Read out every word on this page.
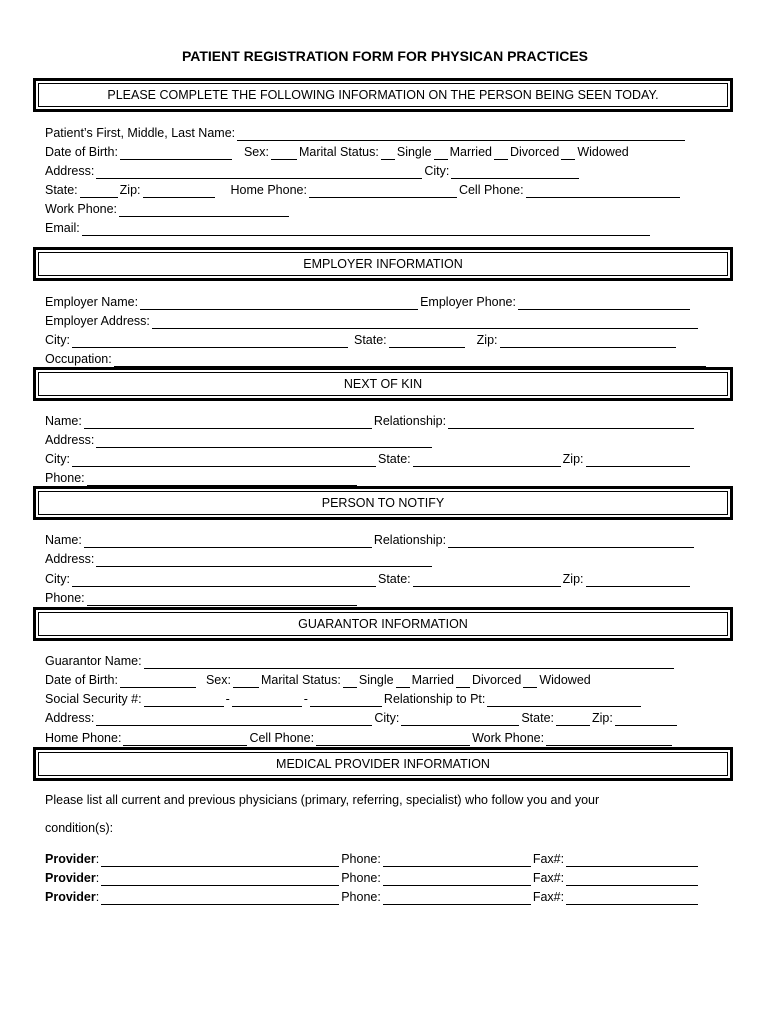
PATIENT REGISTRATION FORM FOR PHYSICAN PRACTICES
PLEASE COMPLETE THE FOLLOWING INFORMATION ON THE PERSON BEING SEEN TODAY.
Patient’s First, Middle, Last Name:
Date of Birth:	Sex: Marital Status: Single Married Divorced Widowed
Address:	City:
State:	Zip:	Home Phone:	Cell Phone:
Work Phone:
Email:
EMPLOYER INFORMATION
Employer Name:	Employer Phone:
Employer Address:
City:	State:	Zip:
Occupation:
NEXT OF KIN
Name:	Relationship:
Address:
City:	State:	Zip:
Phone:
PERSON TO NOTIFY
Name:	Relationship:
Address:
City:	State:	Zip:
Phone:
GUARANTOR INFORMATION
Guarantor Name:
Date of Birth:	Sex: Marital Status: Single Married Divorced Widowed
Social Security #:	-	-	Relationship to Pt:
Address:	City:	State:	Zip:
Home Phone:	Cell Phone:	Work Phone:
MEDICAL PROVIDER INFORMATION
Please list all current and previous physicians (primary, referring, specialist) who follow you and your
condition(s):
Provider :	Phone:	Fax#:
Provider :	Phone:	Fax#:
Provider :	Phone:	Fax#:
